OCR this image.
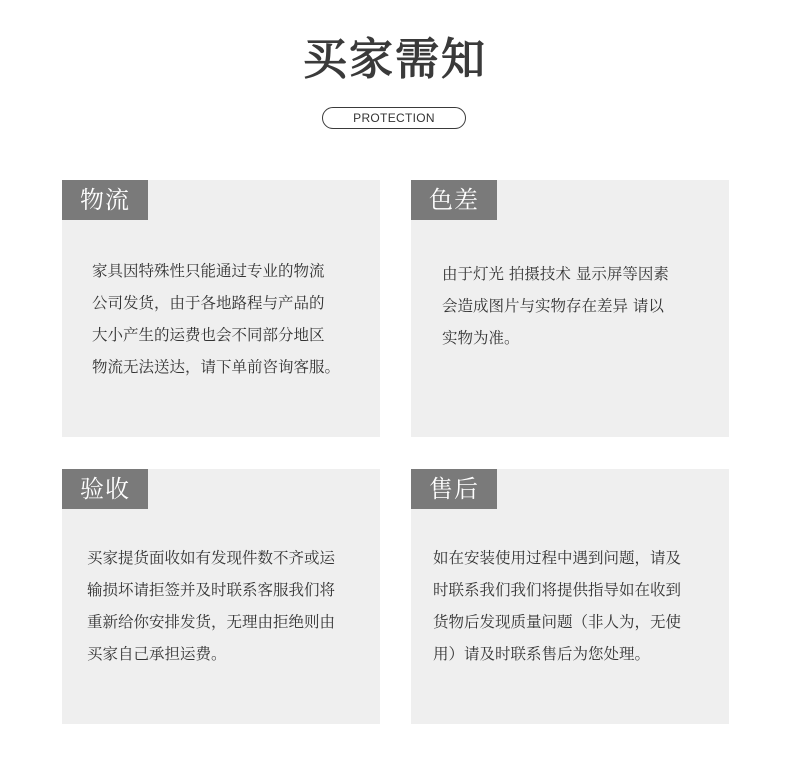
买家需知
PROTECTION
物流
家具因特殊性只能通过专业的物流
公司发货，由于各地路程与产品的
大小产生的运费也会不同部分地区
物流无法送达，请下单前咨询客服。
色差
由于灯光 拍摄技术 显示屏等因素
会造成图片与实物存在差异 请以
实物为准。
验收
买家提货面收如有发现件数不齐或运
输损坏请拒签并及时联系客服我们将
重新给你安排发货，无理由拒绝则由
买家自己承担运费。
售后
如在安装使用过程中遇到问题，请及
时联系我们我们将提供指导如在收到
货物后发现质量问题（非人为，无使
用）请及时联系售后为您处理。
